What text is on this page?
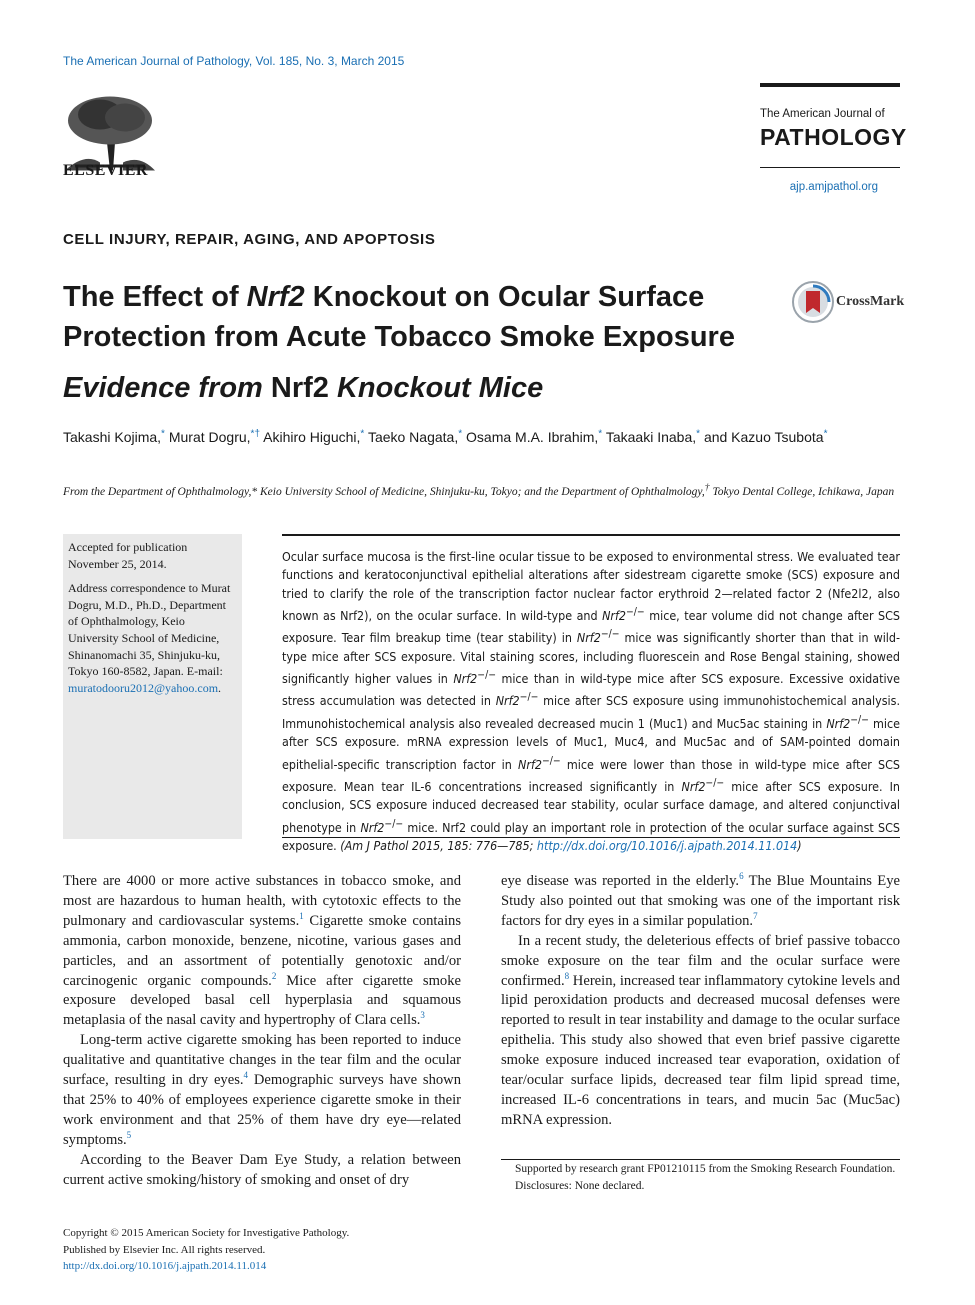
The American Journal of Pathology, Vol. 185, No. 3, March 2015
ELSEVIER
The American Journal of
PATHOLOGY
ajp.amjpathol.org
CELL INJURY, REPAIR, AGING, AND APOPTOSIS
The Effect of Nrf2 Knockout on Ocular Surface Protection from Acute Tobacco Smoke Exposure
Evidence from Nrf2 Knockout Mice
CrossMark
Takashi Kojima,* Murat Dogru,*† Akihiro Higuchi,* Taeko Nagata,* Osama M.A. Ibrahim,* Takaaki Inaba,* and Kazuo Tsubota*
From the Department of Ophthalmology,* Keio University School of Medicine, Shinjuku-ku, Tokyo; and the Department of Ophthalmology,† Tokyo Dental College, Ichikawa, Japan

Accepted for publication November 25, 2014.

Address correspondence to Murat Dogru, M.D., Ph.D., Department of Ophthalmology, Keio University School of Medicine, Shinanomachi 35, Shinjuku-ku, Tokyo 160-8582, Japan. E-mail: muratodooru2012@yahoo.com.

Ocular surface mucosa is the first-line ocular tissue to be exposed to environmental stress. We evaluated tear functions and keratoconjunctival epithelial alterations after sidestream cigarette smoke (SCS) exposure and tried to clarify the role of the transcription factor nuclear factor erythroid 2—related factor 2 (Nfe2l2, also known as Nrf2), on the ocular surface. In wild-type and Nrf2−/− mice, tear volume did not change after SCS exposure. Tear film breakup time (tear stability) in Nrf2−/− mice was significantly shorter than that in wild-type mice after SCS exposure. Vital staining scores, including fluorescein and Rose Bengal staining, showed significantly higher values in Nrf2−/− mice than in wild-type mice after SCS exposure. Excessive oxidative stress accumulation was detected in Nrf2−/− mice after SCS exposure using immunohistochemical analysis. Immunohistochemical analysis also revealed decreased mucin 1 (Muc1) and Muc5ac staining in Nrf2−/− mice after SCS exposure. mRNA expression levels of Muc1, Muc4, and Muc5ac and of SAM-pointed domain epithelial-specific transcription factor in Nrf2−/− mice were lower than those in wild-type mice after SCS exposure. Mean tear IL-6 concentrations increased significantly in Nrf2−/− mice after SCS exposure. In conclusion, SCS exposure induced decreased tear stability, ocular surface damage, and altered conjunctival phenotype in Nrf2−/− mice. Nrf2 could play an important role in protection of the ocular surface against SCS exposure. (Am J Pathol 2015, 185: 776—785; http://dx.doi.org/10.1016/j.ajpath.2014.11.014)

There are 4000 or more active substances in tobacco smoke, and most are hazardous to human health, with cytotoxic effects to the pulmonary and cardiovascular systems.$^1$ Cigarette smoke contains ammonia, carbon monoxide, benzene, nicotine, various gases and particles, and an assortment of potentially genotoxic and/or carcinogenic organic compounds.$^2$ Mice after cigarette smoke exposure developed basal cell hyperplasia and squamous metaplasia of the nasal cavity and hypertrophy of Clara cells.$^3$

Long-term active cigarette smoking has been reported to induce qualitative and quantitative changes in the tear film and the ocular surface, resulting in dry eyes.$^4$ Demographic surveys have shown that 25% to 40% of employees experience cigarette smoke in their work environment and that 25% of them have dry eye—related symptoms.$^5$

According to the Beaver Dam Eye Study, a relation between current active smoking/history of smoking and onset of dry

eye disease was reported in the elderly.$^6$ The Blue Mountains Eye Study also pointed out that smoking was one of the important risk factors for dry eyes in a similar population.$^7$

In a recent study, the deleterious effects of brief passive tobacco smoke exposure on the tear film and the ocular surface were confirmed.$^8$ Herein, increased tear inflammatory cytokine levels and lipid peroxidation products and decreased mucosal defenses were reported to result in tear instability and damage to the ocular surface epithelia. This study also showed that even brief passive cigarette smoke exposure induced increased tear evaporation, oxidation of tear/ocular surface lipids, decreased tear film lipid spread time, increased IL-6 concentrations in tears, and mucin 5ac (Muc5ac) mRNA expression.

Supported by research grant FP01210115 from the Smoking Research Foundation.

Disclosures: None declared.

Copyright © 2015 American Society for Investigative Pathology.
Published by Elsevier Inc. All rights reserved.
http://dx.doi.org/10.1016/j.ajpath.2014.11.014
